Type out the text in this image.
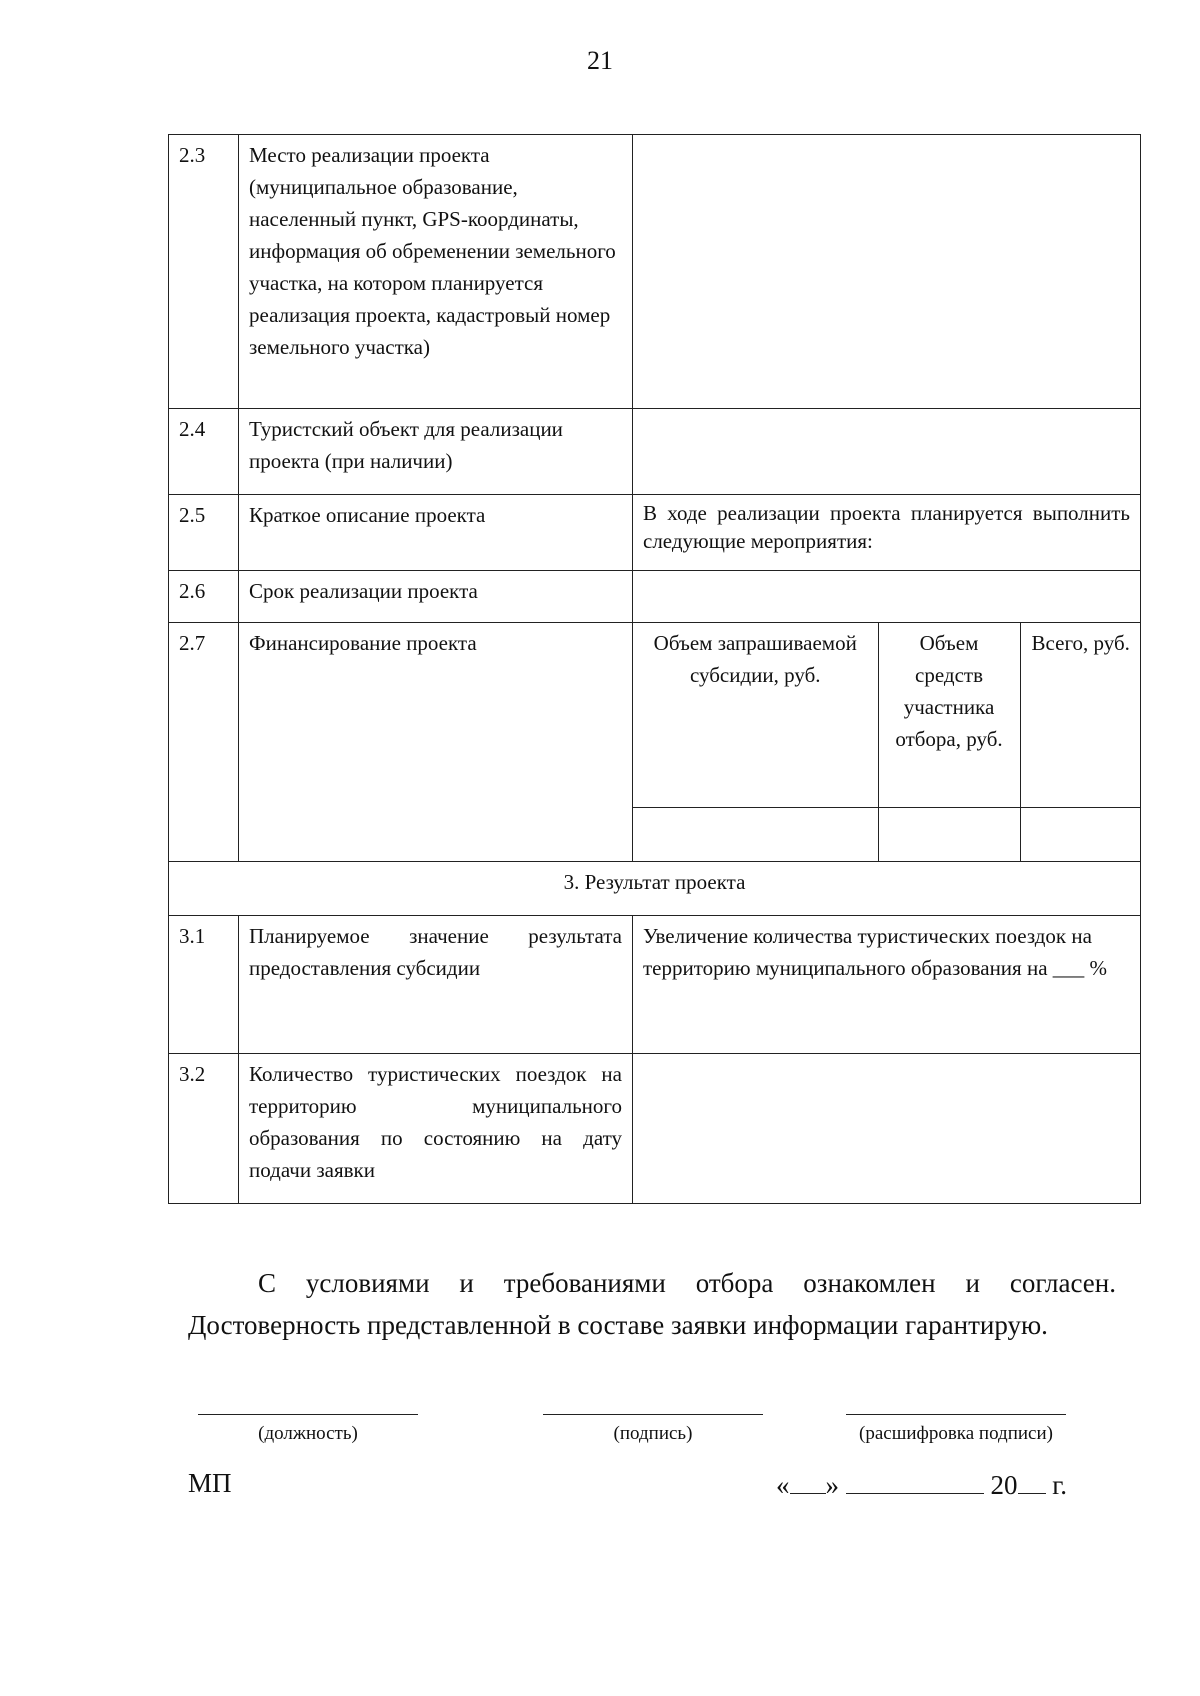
21
2.3	Место реализации проекта (муниципальное образование, населенный пункт, GPS-координаты, информация об обременении земельного участка, на котором планируется реализация проекта, кадастровый номер земельного участка)	
2.4	Туристский объект для реализации проекта (при наличии)	
2.5	Краткое описание проекта	В ходе реализации проекта планируется выполнить следующие мероприятия:
2.6	Срок реализации проекта	
2.7	Финансирование проекта		Объем запрашиваемой субсидии, руб.	Объем средств участника отбора, руб.	Всего, руб.

3. Результат проекта
3.1	Планируемое значение результата предоставления субсидии	Увеличение количества туристических поездок на территорию муниципального образования на ___ %
3.2	Количество туристических поездок на территорию муниципального образования по состоянию на дату подачи заявки	
С условиями и требованиями отбора ознакомлен и согласен.
Достоверность представленной в составе заявки информации гарантирую.
(должность)	(подпись)	(расшифровка подписи)
МП	« »	20 г.
